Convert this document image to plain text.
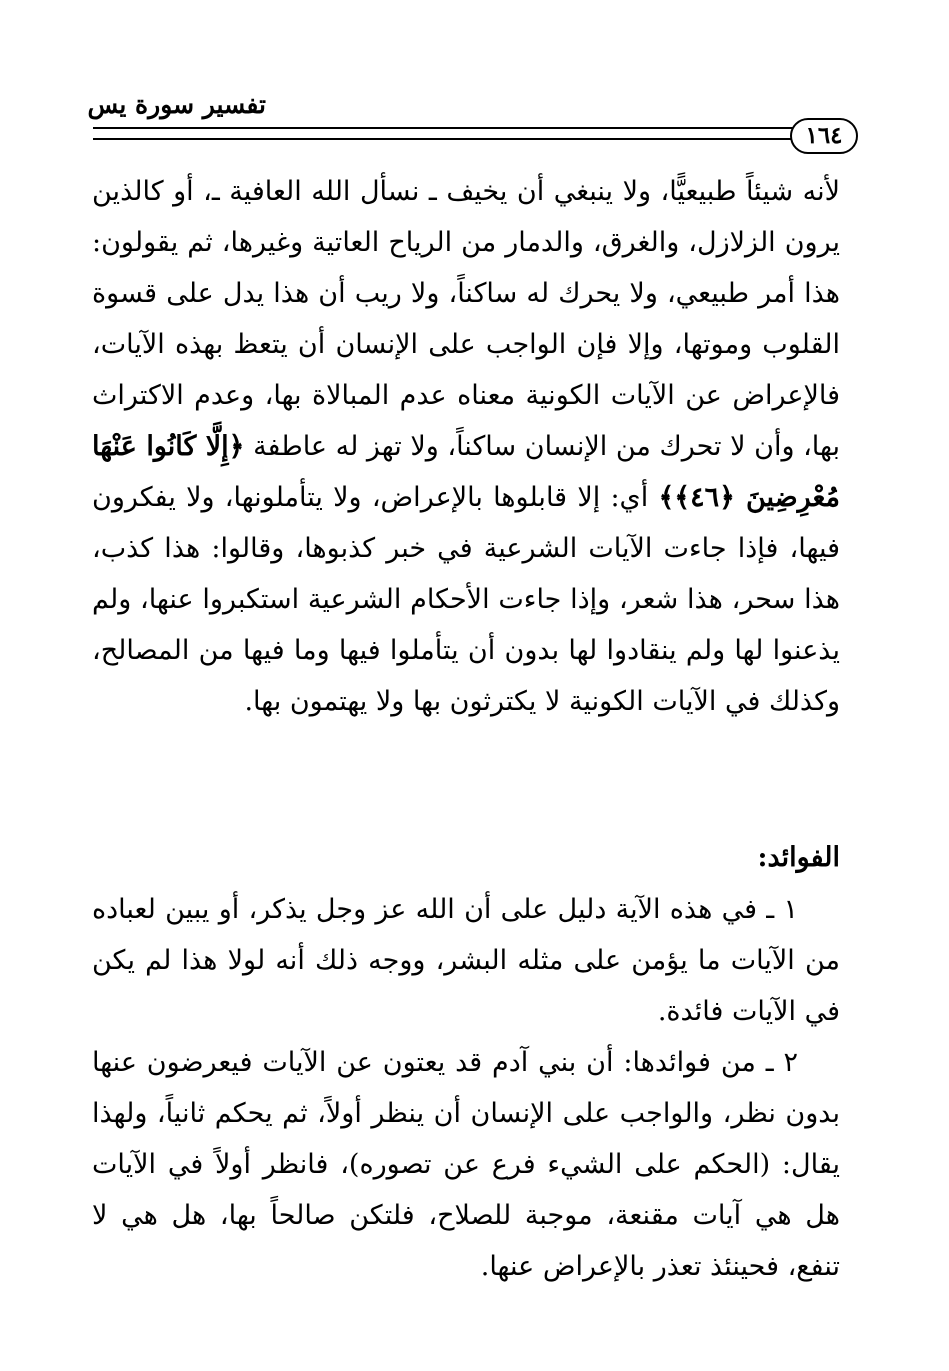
تفسير سورة يس
١٦٤

لأنه شيئاً طبيعيًّا، ولا ينبغي أن يخيف ـ نسأل الله العافية ـ، أو كالذين يرون الزلازل، والغرق، والدمار من الرياح العاتية وغيرها، ثم يقولون: هذا أمر طبيعي، ولا يحرك له ساكناً، ولا ريب أن هذا يدل على قسوة القلوب وموتها، وإلا فإن الواجب على الإنسان أن يتعظ بهذه الآيات، فالإعراض عن الآيات الكونية معناه عدم المبالاة بها، وعدم الاكتراث بها، وأن لا تحرك من الإنسان ساكناً، ولا تهز له عاطفة ﴿إِلَّا كَانُوا عَنْهَا مُعْرِضِينَ ﴿٤٦﴾﴾ أي: إلا قابلوها بالإعراض، ولا يتأملونها، ولا يفكرون فيها، فإذا جاءت الآيات الشرعية في خبر كذبوها، وقالوا: هذا كذب، هذا سحر، هذا شعر، وإذا جاءت الأحكام الشرعية استكبروا عنها، ولم يذعنوا لها ولم ينقادوا لها بدون أن يتأملوا فيها وما فيها من المصالح، وكذلك في الآيات الكونية لا يكترثون بها ولا يهتمون بها.

الفوائد:

١ ـ في هذه الآية دليل على أن الله عز وجل يذكر، أو يبين لعباده من الآيات ما يؤمن على مثله البشر، ووجه ذلك أنه لولا هذا لم يكن في الآيات فائدة.

٢ ـ من فوائدها: أن بني آدم قد يعتون عن الآيات فيعرضون عنها بدون نظر، والواجب على الإنسان أن ينظر أولاً، ثم يحكم ثانياً، ولهذا يقال: (الحكم على الشيء فرع عن تصوره)، فانظر أولاً في الآيات هل هي آيات مقنعة، موجبة للصلاح، فلتكن صالحاً بها، هل هي لا تنفع، فحينئذ تعذر بالإعراض عنها.
